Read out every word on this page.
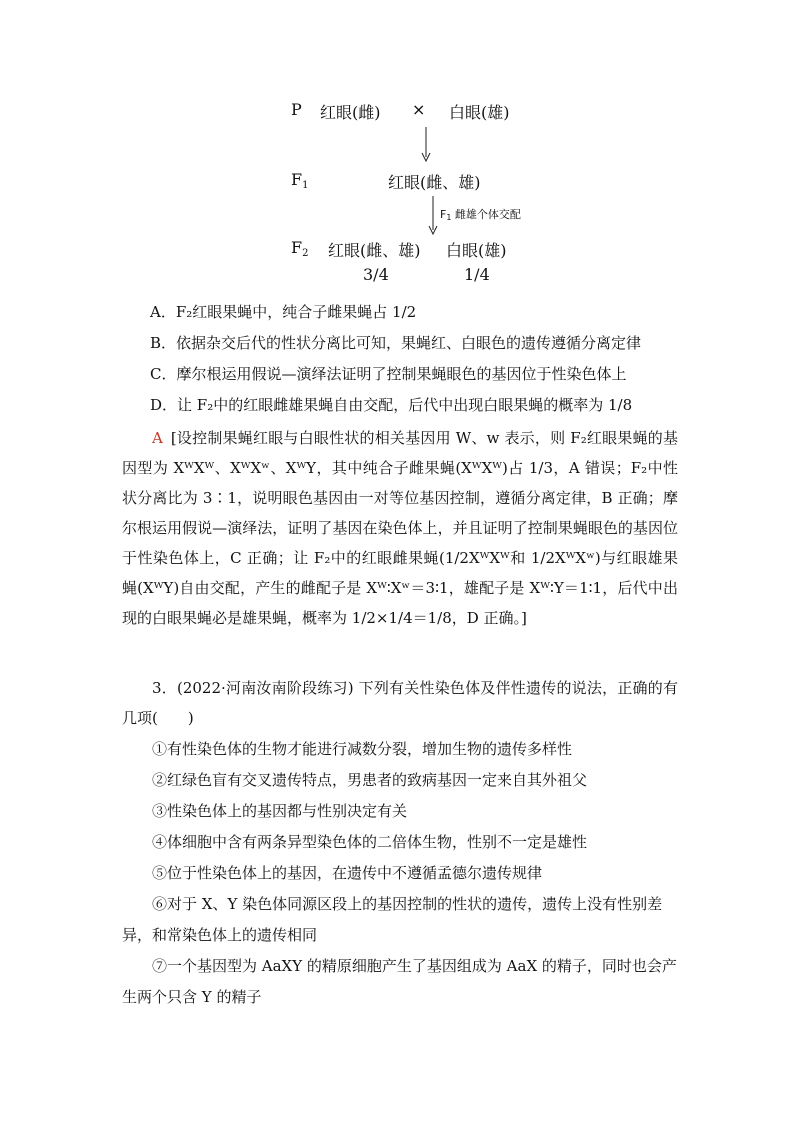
P 红眼(雌) × 白眼(雄)
$F_1$	红眼(雌、雄)
$F_1$ 雌雄个体交配
$F_2$ 红眼(雌、雄) 白眼(雄)
3/4	1/4
A．F₂红眼果蝇中，纯合子雌果蝇占 1/2
B．依据杂交后代的性状分离比可知，果蝇红、白眼色的遗传遵循分离定律
C．摩尔根运用假说—演绎法证明了控制果蝇眼色的基因位于性染色体上
D．让 F₂中的红眼雌雄果蝇自由交配，后代中出现白眼果蝇的概率为 1/8
A [设控制果蝇红眼与白眼性状的相关基因用 W、w 表示，则 F₂红眼果蝇的基因型为 XᵂXᵂ、XᵂXʷ、XᵂY，其中纯合子雌果蝇(XᵂXᵂ)占 1/3，A 错误；F₂中性状分离比为 3∶1，说明眼色基因由一对等位基因控制，遵循分离定律，B 正确；摩尔根运用假说—演绎法，证明了基因在染色体上，并且证明了控制果蝇眼色的基因位于性染色体上，C 正确；让 F₂中的红眼雌果蝇(1/2XᵂXᵂ和 1/2XᵂXʷ)与红眼雄果蝇(XᵂY)自由交配，产生的雌配子是 Xᵂ∶Xʷ＝3∶1，雄配子是 Xᵂ∶Y＝1∶1，后代中出现的白眼果蝇必是雄果蝇，概率为 1/2×1/4＝1/8，D 正确。]
3．(2022·河南汝南阶段练习) 下列有关性染色体及伴性遗传的说法，正确的有几项(　　)
①有性染色体的生物才能进行减数分裂，增加生物的遗传多样性
②红绿色盲有交叉遗传特点，男患者的致病基因一定来自其外祖父
③性染色体上的基因都与性别决定有关
④体细胞中含有两条异型染色体的二倍体生物，性别不一定是雄性
⑤位于性染色体上的基因，在遗传中不遵循孟德尔遗传规律
⑥对于 X、Y 染色体同源区段上的基因控制的性状的遗传，遗传上没有性别差异，和常染色体上的遗传相同
⑦一个基因型为 AaXY 的精原细胞产生了基因组成为 AaX 的精子，同时也会产生两个只含 Y 的精子
